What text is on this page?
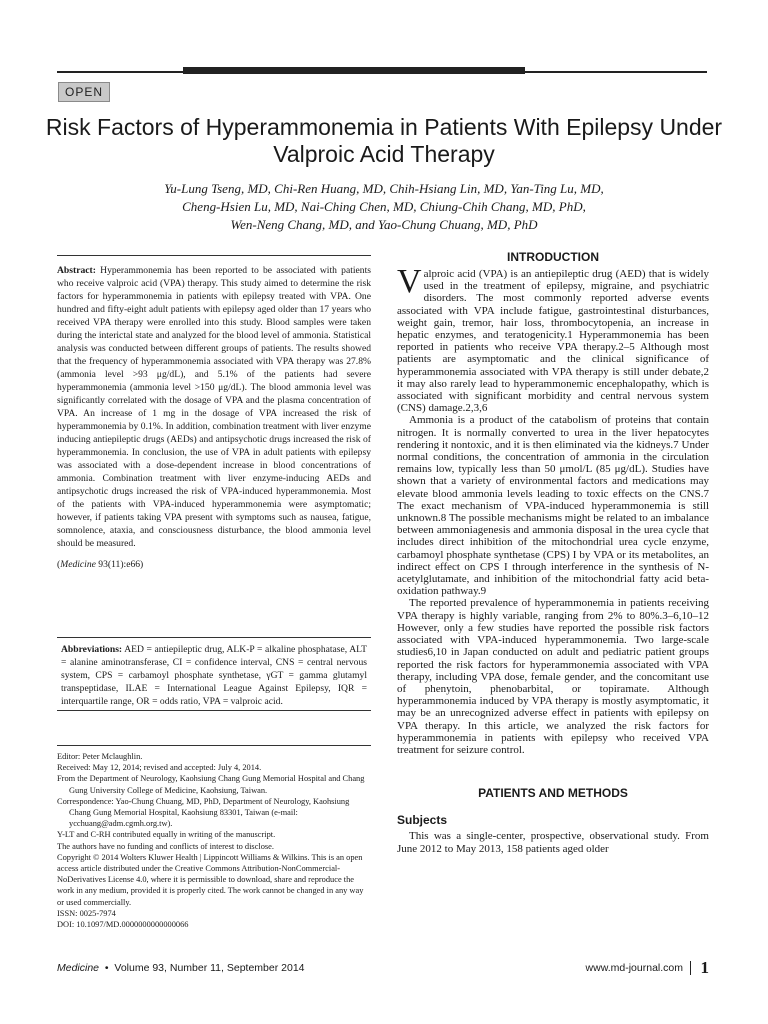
OPEN
Risk Factors of Hyperammonemia in Patients With Epilepsy Under Valproic Acid Therapy
Yu-Lung Tseng, MD, Chi-Ren Huang, MD, Chih-Hsiang Lin, MD, Yan-Ting Lu, MD,
Cheng-Hsien Lu, MD, Nai-Ching Chen, MD, Chiung-Chih Chang, MD, PhD,
Wen-Neng Chang, MD, and Yao-Chung Chuang, MD, PhD

Abstract: Hyperammonemia has been reported to be associated with patients who receive valproic acid (VPA) therapy. This study aimed to determine the risk factors for hyperammonemia in patients with epilepsy treated with VPA. One hundred and fifty-eight adult patients with epilepsy aged older than 17 years who received VPA therapy were enrolled into this study. Blood samples were taken during the interictal state and analyzed for the blood level of ammonia. Statistical analysis was conducted between different groups of patients. The results showed that the frequency of hyperammonemia associated with VPA therapy was 27.8% (ammonia level >93 μg/dL), and 5.1% of the patients had severe hyperammonemia (ammonia level >150 μg/dL). The blood ammonia level was significantly correlated with the dosage of VPA and the plasma concentration of VPA. An increase of 1 mg in the dosage of VPA increased the risk of hyperammonemia by 0.1%. In addition, combination treatment with liver enzyme inducing antiepileptic drugs (AEDs) and antipsychotic drugs increased the risk of hyperammonemia. In conclusion, the use of VPA in adult patients with epilepsy was associated with a dose-dependent increase in blood concentrations of ammonia. Combination treatment with liver enzyme-inducing AEDs and antipsychotic drugs increased the risk of VPA-induced hyperammonemia. Most of the patients with VPA-induced hyperammonemia were asymptomatic; however, if patients taking VPA present with symptoms such as nausea, fatigue, somnolence, ataxia, and consciousness disturbance, the blood ammonia level should be measured.

(Medicine 93(11):e66)
Abbreviations: AED = antiepileptic drug, ALK-P = alkaline phosphatase, ALT = alanine aminotransferase, CI = confidence interval, CNS = central nervous system, CPS = carbamoyl phosphate synthetase, γGT = gamma glutamyl transpeptidase, ILAE = International League Against Epilepsy, IQR = interquartile range, OR = odds ratio, VPA = valproic acid.

Editor: Peter Mclaughlin.

Received: May 12, 2014; revised and accepted: July 4, 2014.

From the Department of Neurology, Kaohsiung Chang Gung Memorial Hospital and Chang Gung University College of Medicine, Kaohsiung, Taiwan.

Correspondence: Yao-Chung Chuang, MD, PhD, Department of Neurology, Kaohsiung Chang Gung Memorial Hospital, Kaohsiung 83301, Taiwan (e-mail: ycchuang@adm.cgmh.org.tw).

Y-LT and C-RH contributed equally in writing of the manuscript.

The authors have no funding and conflicts of interest to disclose.

Copyright © 2014 Wolters Kluwer Health | Lippincott Williams & Wilkins. This is an open access article distributed under the Creative Commons Attribution-NonCommercial-NoDerivatives License 4.0, where it is permissible to download, share and reproduce the work in any medium, provided it is properly cited. The work cannot be changed in any way or used commercially.

ISSN: 0025-7974

DOI: 10.1097/MD.0000000000000066

INTRODUCTION

Valproic acid (VPA) is an antiepileptic drug (AED) that is widely used in the treatment of epilepsy, migraine, and psychiatric disorders. The most commonly reported adverse events associated with VPA include fatigue, gastrointestinal disturbances, weight gain, tremor, hair loss, thrombocytopenia, an increase in hepatic enzymes, and teratogenicity.1 Hyperammonemia has been reported in patients who receive VPA therapy.2–5 Although most patients are asymptomatic and the clinical significance of hyperammonemia associated with VPA therapy is still under debate,2 it may also rarely lead to hyperammonemic encephalopathy, which is associated with significant morbidity and central nervous system (CNS) damage.2,3,6

Ammonia is a product of the catabolism of proteins that contain nitrogen. It is normally converted to urea in the liver hepatocytes rendering it nontoxic, and it is then eliminated via the kidneys.7 Under normal conditions, the concentration of ammonia in the circulation remains low, typically less than 50 μmol/L (85 μg/dL). Studies have shown that a variety of environmental factors and medications may elevate blood ammonia levels leading to toxic effects on the CNS.7 The exact mechanism of VPA-induced hyperammonemia is still unknown.8 The possible mechanisms might be related to an imbalance between ammoniagenesis and ammonia disposal in the urea cycle that includes direct inhibition of the mitochondrial urea cycle enzyme, carbamoyl phosphate synthetase (CPS) I by VPA or its metabolites, an indirect effect on CPS I through interference in the synthesis of N-acetylglutamate, and inhibition of the mitochondrial fatty acid beta-oxidation pathway.9

The reported prevalence of hyperammonemia in patients receiving VPA therapy is highly variable, ranging from 2% to 80%.3–6,10–12 However, only a few studies have reported the possible risk factors associated with VPA-induced hyperammonemia. Two large-scale studies6,10 in Japan conducted on adult and pediatric patient groups reported the risk factors for hyperammonemia associated with VPA therapy, including VPA dose, female gender, and the concomitant use of phenytoin, phenobarbital, or topiramate. Although hyperammonemia induced by VPA therapy is mostly asymptomatic, it may be an unrecognized adverse effect in patients with epilepsy on VPA therapy. In this article, we analyzed the risk factors for hyperammonemia in patients with epilepsy who received VPA treatment for seizure control.

PATIENTS AND METHODS
Subjects

This was a single-center, prospective, observational study. From June 2012 to May 2013, 158 patients aged older

Medicine • Volume 93, Number 11, September 2014	www.md-journal.com 1
